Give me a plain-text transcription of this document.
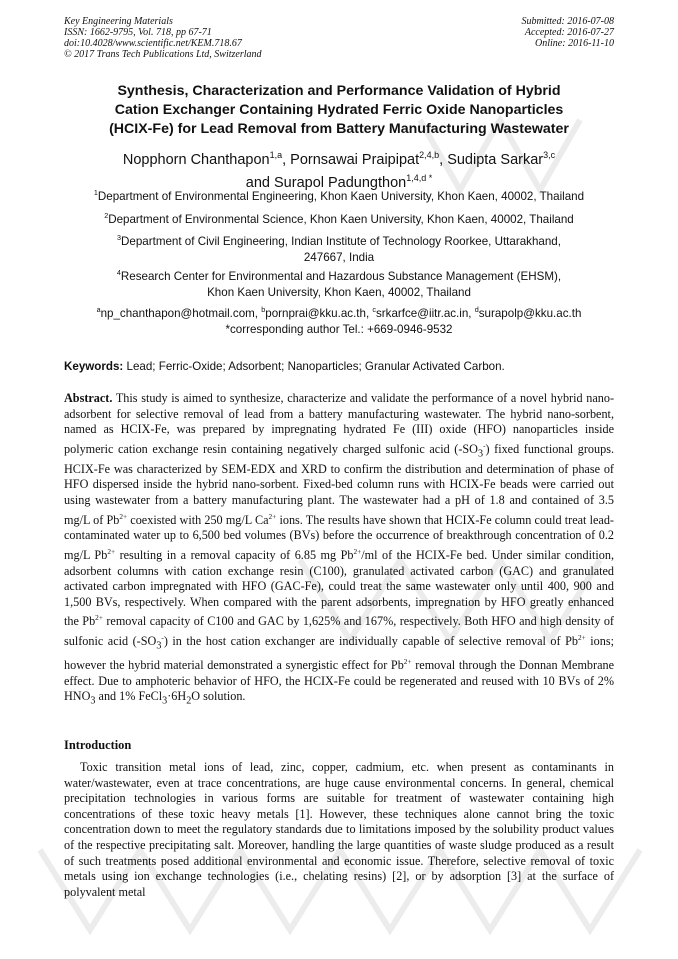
Key Engineering Materials
ISSN: 1662-9795, Vol. 718, pp 67-71
doi:10.4028/www.scientific.net/KEM.718.67
© 2017 Trans Tech Publications Ltd, Switzerland
Submitted: 2016-07-08
Accepted: 2016-07-27
Online: 2016-11-10
Synthesis, Characterization and Performance Validation of Hybrid
Cation Exchanger Containing Hydrated Ferric Oxide Nanoparticles
(HCIX-Fe) for Lead Removal from Battery Manufacturing Wastewater
Nopphorn Chanthapon$^{1,a}$, Pornsawai Praipipat$^{2,4,b}$, Sudipta Sarkar$^{3,c}$
and Surapol Padungthon$^{1,4,d *}$
$^1$Department of Environmental Engineering, Khon Kaen University, Khon Kaen, 40002, Thailand
$^2$Department of Environmental Science, Khon Kaen University, Khon Kaen, 40002, Thailand
$^3$Department of Civil Engineering, Indian Institute of Technology Roorkee, Uttarakhand,
247667, India
$^4$Research Center for Environmental and Hazardous Substance Management (EHSM),
Khon Kaen University, Khon Kaen, 40002, Thailand
$^a$np_chanthapon@hotmail.com, $^b$pornprai@kku.ac.th, $^c$srkarfce@iitr.ac.in, $^d$surapolp@kku.ac.th
*corresponding author Tel.: +669-0946-9532
Keywords: Lead; Ferric-Oxide; Adsorbent; Nanoparticles; Granular Activated Carbon.
Abstract. This study is aimed to synthesize, characterize and validate the performance of a novel hybrid nano-adsorbent for selective removal of lead from a battery manufacturing wastewater. The hybrid nano-sorbent, named as HCIX-Fe, was prepared by impregnating hydrated Fe (III) oxide (HFO) nanoparticles inside polymeric cation exchange resin containing negatively charged sulfonic acid $(-SO_3^-)$ fixed functional groups. HCIX-Fe was characterized by SEM-EDX and XRD to confirm the distribution and determination of phase of HFO dispersed inside the hybrid nano-sorbent. Fixed-bed column runs with HCIX-Fe beads were carried out using wastewater from a battery manufacturing plant. The wastewater had a pH of 1.8 and contained of 3.5 mg/L of $Pb^{2+}$ coexisted with 250 mg/L $Ca^{2+}$ ions. The results have shown that HCIX-Fe column could treat lead-contaminated water up to 6,500 bed volumes (BVs) before the occurrence of breakthrough concentration of 0.2 mg/L $Pb^{2+}$ resulting in a removal capacity of 6.85 mg $Pb^{2+}/ml$ of the HCIX-Fe bed. Under similar condition, adsorbent columns with cation exchange resin (C100), granulated activated carbon (GAC) and granulated activated carbon impregnated with HFO (GAC-Fe), could treat the same wastewater only until 400, 900 and 1,500 BVs, respectively. When compared with the parent adsorbents, impregnation by HFO greatly enhanced the $Pb^{2+}$ removal capacity of C100 and GAC by 1,625% and 167%, respectively. Both HFO and high density of sulfonic acid $(-SO_3^-)$ in the host cation exchanger are individually capable of selective removal of $Pb^{2+}$ ions; however the hybrid material demonstrated a synergistic effect for $Pb^{2+}$ removal through the Donnan Membrane effect. Due to amphoteric behavior of HFO, the HCIX-Fe could be regenerated and reused with 10 BVs of 2% $HNO_3$ and 1% $FeCl_3\cdot 6H_2O$ solution.
Introduction
Toxic transition metal ions of lead, zinc, copper, cadmium, etc. when present as contaminants in water/wastewater, even at trace concentrations, are huge cause environmental concerns. In general, chemical precipitation technologies in various forms are suitable for treatment of wastewater containing high concentrations of these toxic heavy metals [1]. However, these techniques alone cannot bring the toxic concentration down to meet the regulatory standards due to limitations imposed by the solubility product values of the respective precipitating salt. Moreover, handling the large quantities of waste sludge produced as a result of such treatments posed additional environmental and economic issue. Therefore, selective removal of toxic metals using ion exchange technologies (i.e., chelating resins) [2], or by adsorption [3] at the surface of polyvalent metal
